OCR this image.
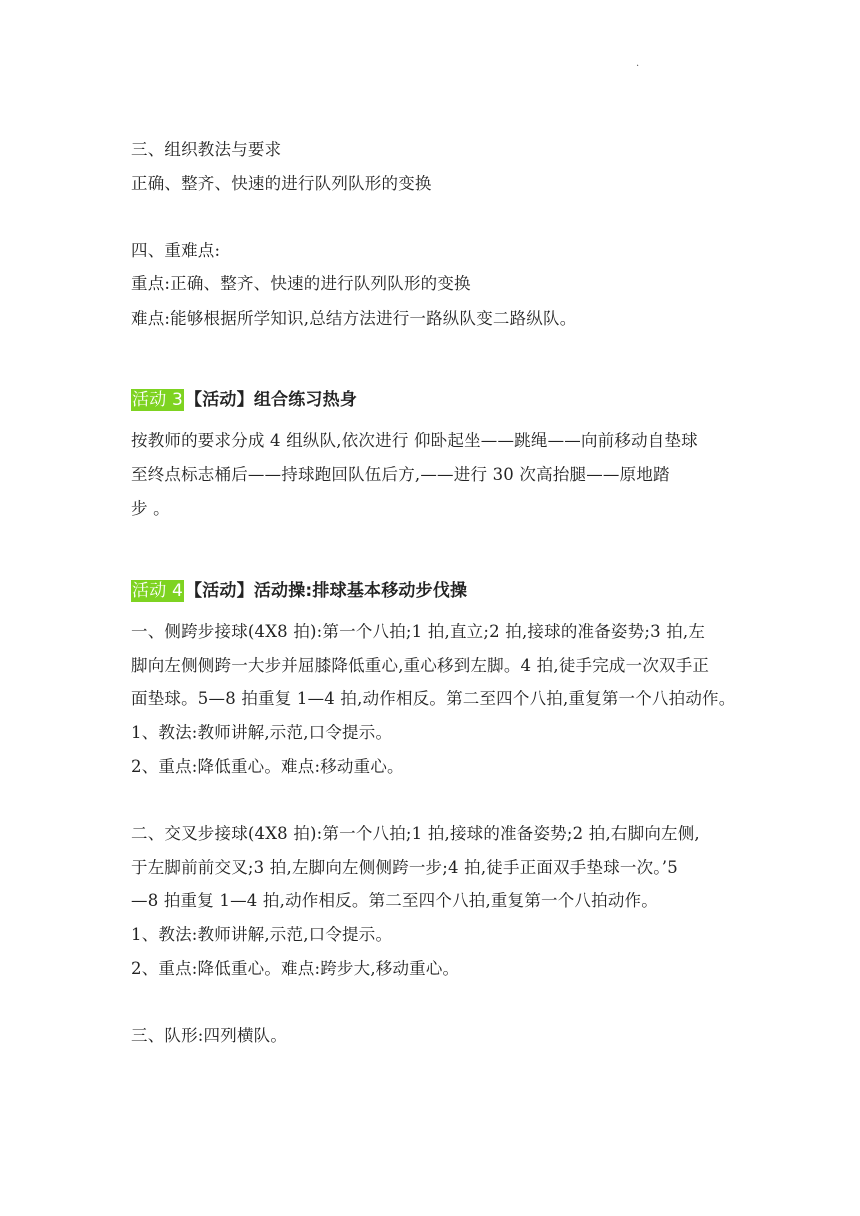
.
三、组织教法与要求
正确、整齐、快速的进行队列队形的变换
四、重难点:
重点:正确、整齐、快速的进行队列队形的变换
难点:能够根据所学知识,总结方法进行一路纵队变二路纵队。
活动 3 【活动】组合练习热身
按教师的要求分成 4 组纵队,依次进行 仰卧起坐——跳绳——向前移动自垫球
至终点标志桶后——持球跑回队伍后方,——进行 30 次高抬腿——原地踏
步 。
活动 4 【活动】活动操:排球基本移动步伐操
一、侧跨步接球(4X8 拍):第一个八拍;1 拍,直立;2 拍,接球的准备姿势;3 拍,左
脚向左侧侧跨一大步并屈膝降低重心,重心移到左脚。4 拍,徒手完成一次双手正
面垫球。5—8 拍重复 1—4 拍,动作相反。第二至四个八拍,重复第一个八拍动作。
1、教法:教师讲解,示范,口令提示。
2、重点:降低重心。难点:移动重心。
二、交叉步接球(4X8 拍):第一个八拍;1 拍,接球的准备姿势;2 拍,右脚向左侧,
于左脚前前交叉;3 拍,左脚向左侧侧跨一步;4 拍,徒手正面双手垫球一次。’5
—8 拍重复 1—4 拍,动作相反。第二至四个八拍,重复第一个八拍动作。
1、教法:教师讲解,示范,口令提示。
2、重点:降低重心。难点:跨步大,移动重心。
三、队形:四列横队。
